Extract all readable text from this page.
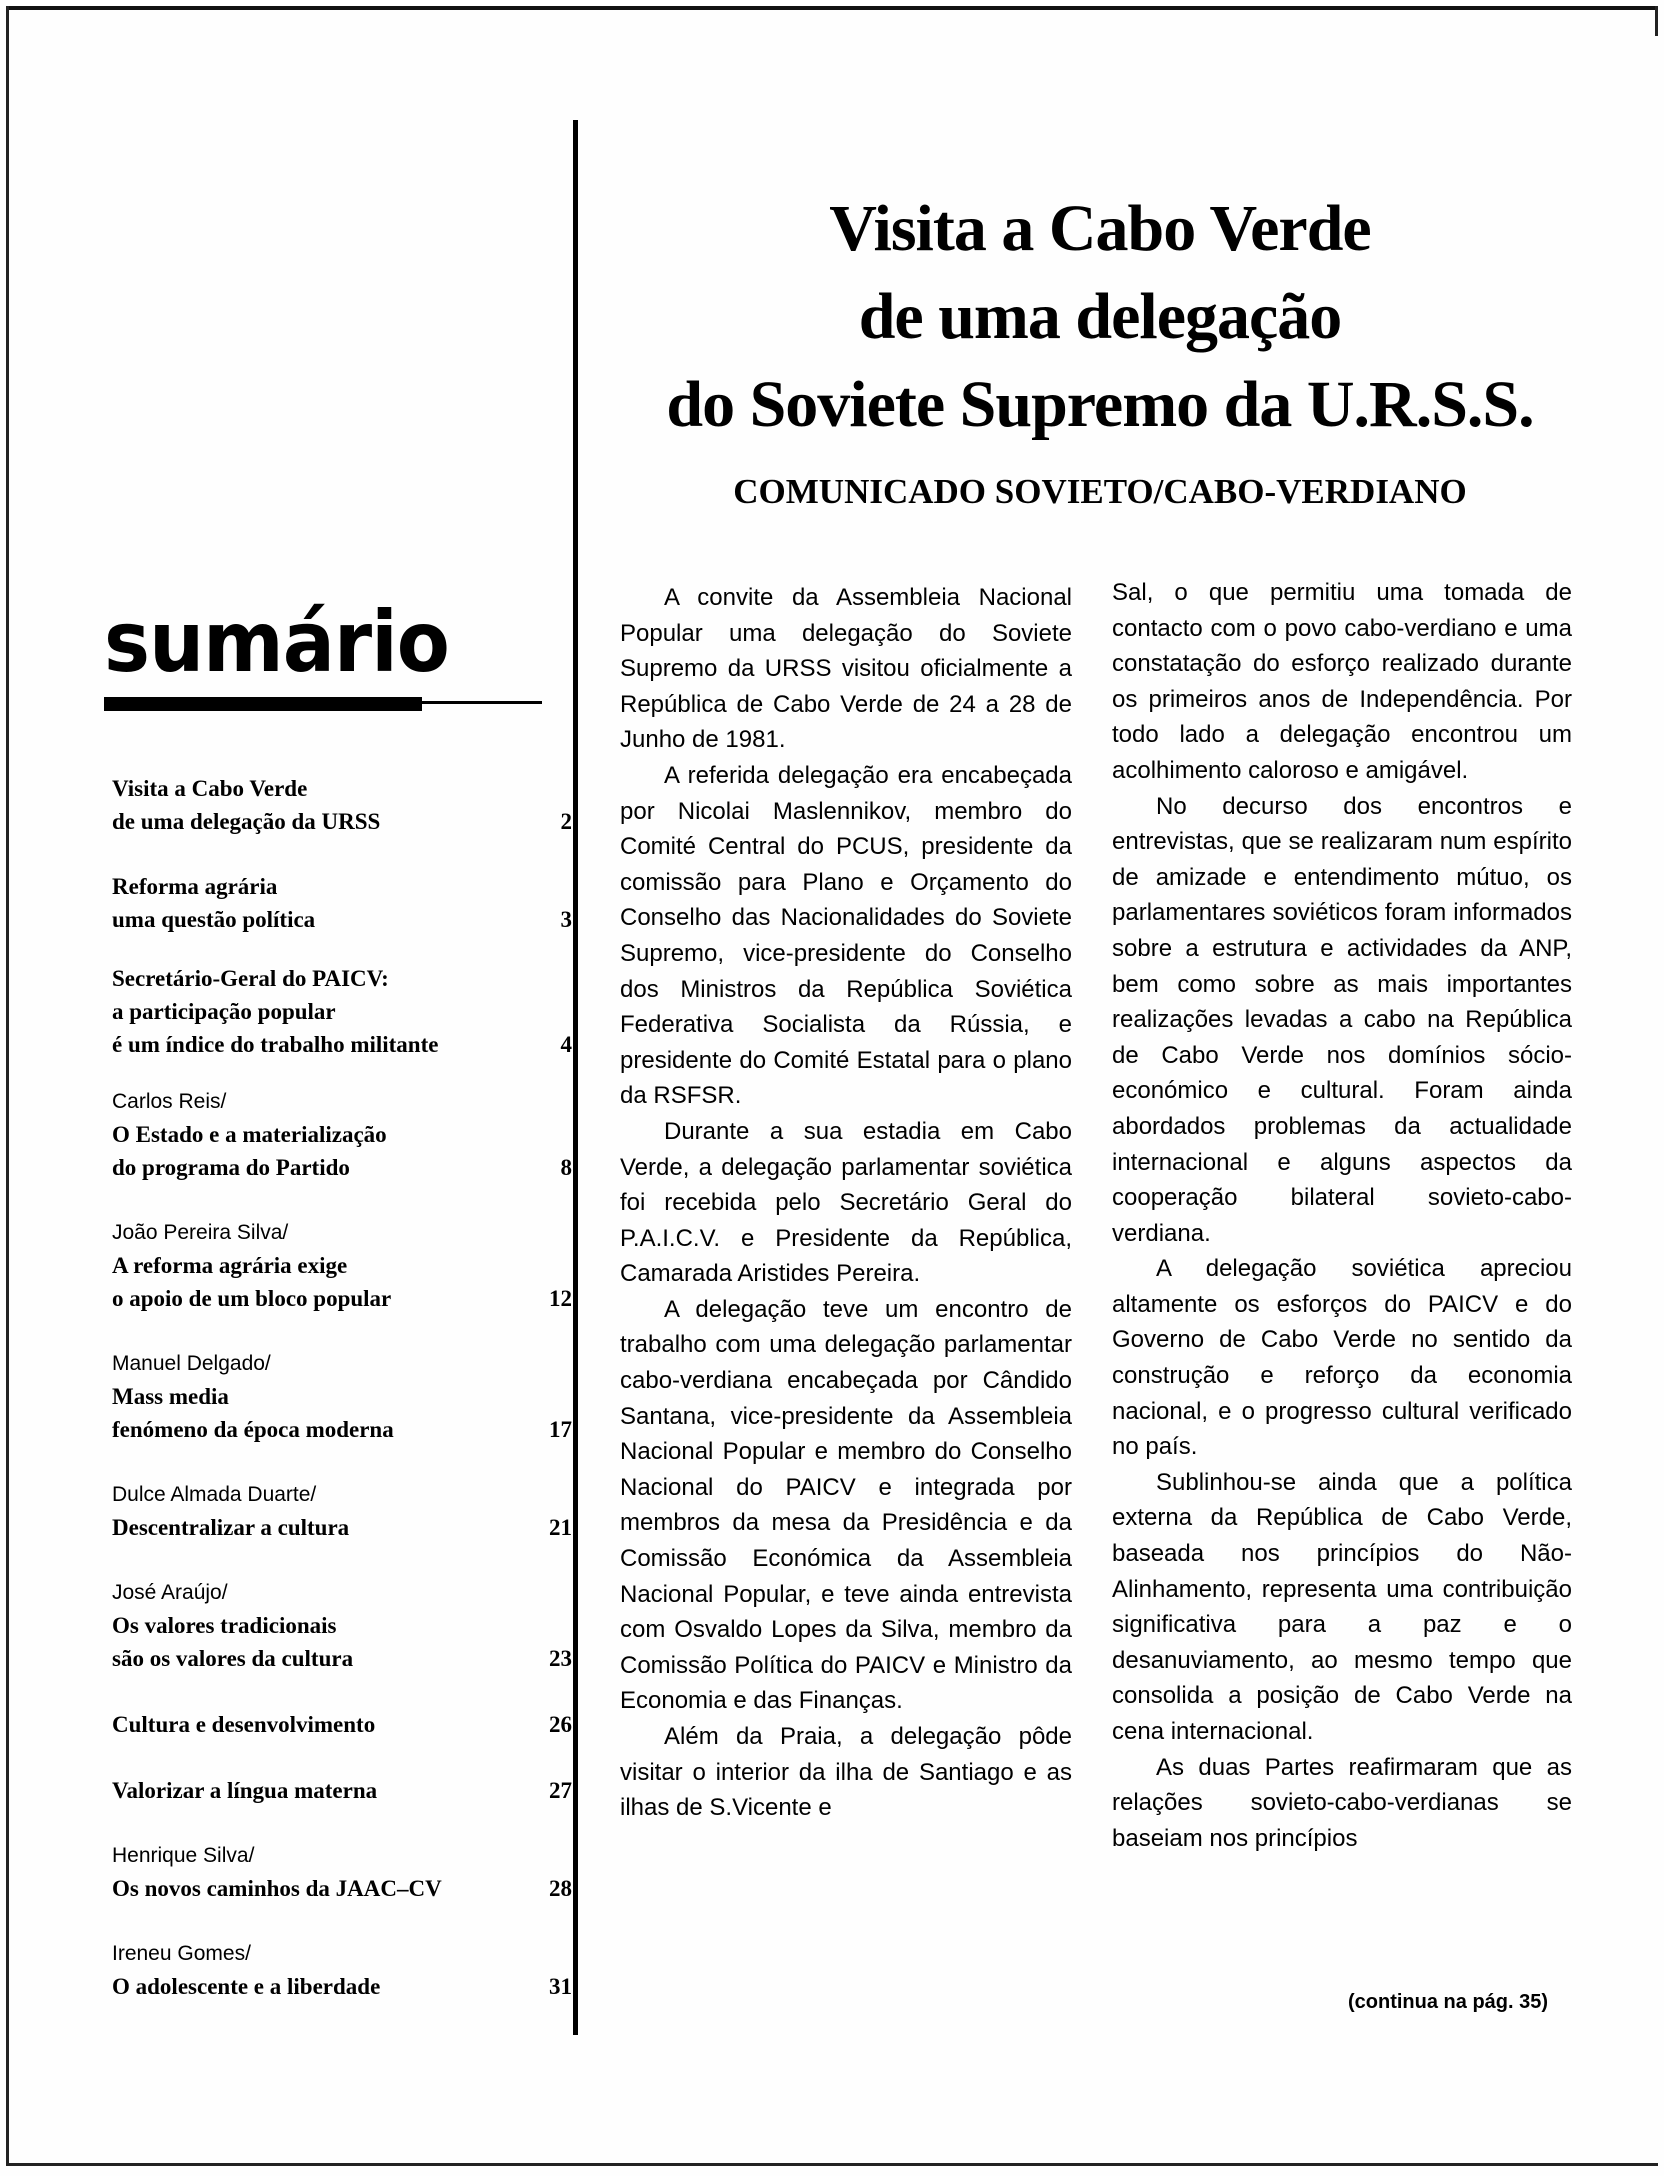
sumário
Visita a Cabo Verde
de uma delegação da URSS	2
Reforma agrária
uma questão política	3
Secretário-Geral do PAICV:
a participação popular
é um índice do trabalho militante	4
Carlos Reis/
O Estado e a materialização
do programa do Partido	8
João Pereira Silva/
A reforma agrária exige
o apoio de um bloco popular	12
Manuel Delgado/
Mass media
fenómeno da época moderna	17
Dulce Almada Duarte/
Descentralizar a cultura	21
José Araújo/
Os valores tradicionais
são os valores da cultura	23
Cultura e desenvolvimento	26
Valorizar a língua materna	27
Henrique Silva/
Os novos caminhos da JAAC–CV	28
Ireneu Gomes/
O adolescente e a liberdade	31
Visita a Cabo Verde
de uma delegação
do Soviete Supremo da U.R.S.S.
COMUNICADO SOVIETO/CABO-VERDIANO

A convite da Assembleia Nacional Popular uma delegação do Soviete Supremo da URSS visitou oficialmente a República de Cabo Verde de 24 a 28 de Junho de 1981.

A referida delegação era encabeçada por Nicolai Maslennikov, membro do Comité Central do PCUS, presidente da comissão para Plano e Orçamento do Conselho das Nacionalidades do Soviete Supremo, vice-presidente do Conselho dos Ministros da República Soviética Federativa Socialista da Rússia, e presidente do Comité Estatal para o plano da RSFSR.

Durante a sua estadia em Cabo Verde, a delegação parlamentar soviética foi recebida pelo Secretário Geral do P.A.I.C.V. e Presidente da República, Camarada Aristides Pereira.

A delegação teve um encontro de trabalho com uma delegação parlamentar cabo-verdiana encabeçada por Cândido Santana, vice-presidente da Assembleia Nacional Popular e membro do Conselho Nacional do PAICV e integrada por membros da mesa da Presidência e da Comissão Económica da Assembleia Nacional Popular, e teve ainda entrevista com Osvaldo Lopes da Silva, membro da Comissão Política do PAICV e Ministro da Economia e das Finanças.

Além da Praia, a delegação pôde visitar o interior da ilha de Santiago e as ilhas de S.Vicente e

Sal, o que permitiu uma tomada de contacto com o povo cabo-verdiano e uma constatação do esforço realizado durante os primeiros anos de Independência. Por todo lado a delegação encontrou um acolhimento caloroso e amigável.

No decurso dos encontros e entrevistas, que se realizaram num espírito de amizade e entendimento mútuo, os parlamentares soviéticos foram informados sobre a estrutura e actividades da ANP, bem como sobre as mais importantes realizações levadas a cabo na República de Cabo Verde nos domínios sócio-económico e cultural. Foram ainda abordados problemas da actualidade internacional e alguns aspectos da cooperação bilateral sovieto-cabo-verdiana.

A delegação soviética apreciou altamente os esforços do PAICV e do Governo de Cabo Verde no sentido da construção e reforço da economia nacional, e o progresso cultural verificado no país.

Sublinhou-se ainda que a política externa da República de Cabo Verde, baseada nos princípios do Não-Alinhamento, representa uma contribuição significativa para a paz e o desanuviamento, ao mesmo tempo que consolida a posição de Cabo Verde na cena internacional.

As duas Partes reafirmaram que as relações sovieto-cabo-verdianas se baseiam nos princípios

(continua na pág. 35)
